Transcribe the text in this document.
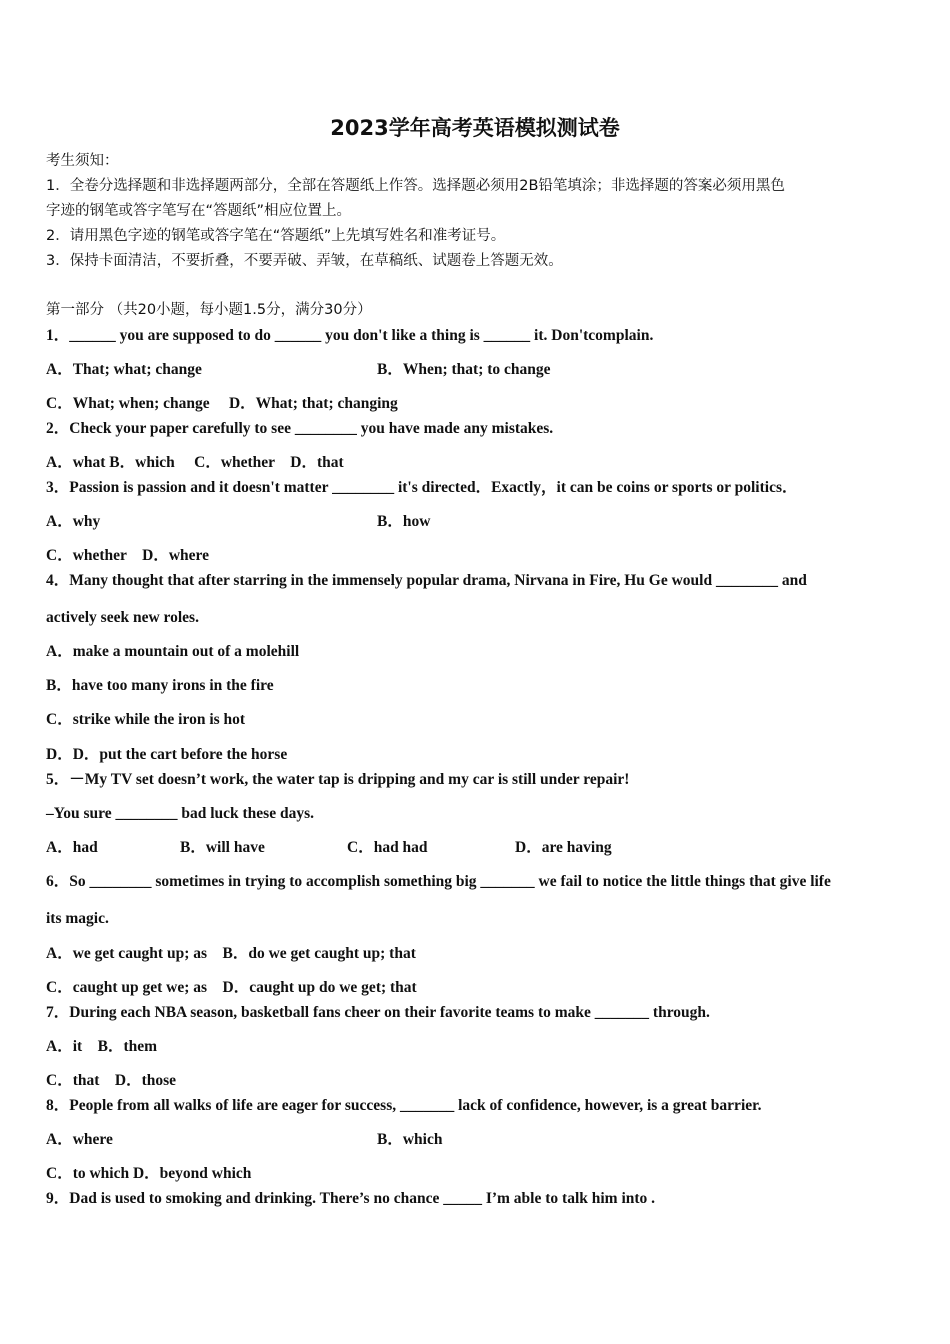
2023学年高考英语模拟测试卷
考生须知：
1．全卷分选择题和非选择题两部分，全部在答题纸上作答。选择题必须用2B铅笔填涂；非选择题的答案必须用黑色
字迹的钢笔或答字笔写在“答题纸”相应位置上。
2．请用黑色字迹的钢笔或答字笔在“答题纸”上先填写姓名和准考证号。
3．保持卡面清洁，不要折叠，不要弄破、弄皱，在草稿纸、试题卷上答题无效。
第一部分 （共20小题，每小题1.5分，满分30分）
1．______ you are supposed to do ______ you don't like a thing is ______ it. Don'tcomplain.
A．That; what; change	B．When; that; to change
C．What; when; change　 D．What; that; changing
2．Check your paper carefully to see ________ you have made any mistakes.
A．what B．which　 C．whether　D．that
3．Passion is passion and it doesn't matter ________ it's directed．Exactly，it can be coins or sports or politics．
A．why	B．how
C．whether　D．where
4．Many thought that after starring in the immensely popular drama, Nirvana in Fire, Hu Ge would ________ and
actively seek new roles.
A．make a mountain out of a molehill
B．have too many irons in the fire
C．strike while the iron is hot
D．D．put the cart before the horse
5．－My TV set doesn’t work, the water tap is dripping and my car is still under repair!
–You sure ________ bad luck these days.
A．had	B．will have	C．had had	D．are having
6．So ________ sometimes in trying to accomplish something big _______ we fail to notice the little things that give life
its magic.
A．we get caught up; as　B．do we get caught up; that
C．caught up get we; as　D．caught up do we get; that
7．During each NBA season, basketball fans cheer on their favorite teams to make _______ through.
A．it　B．them
C．that　D．those
8．People from all walks of life are eager for success, _______ lack of confidence, however, is a great barrier.
A．where	B．which
C．to which D．beyond which
9．Dad is used to smoking and drinking. There’s no chance _____ I’m able to talk him into .
